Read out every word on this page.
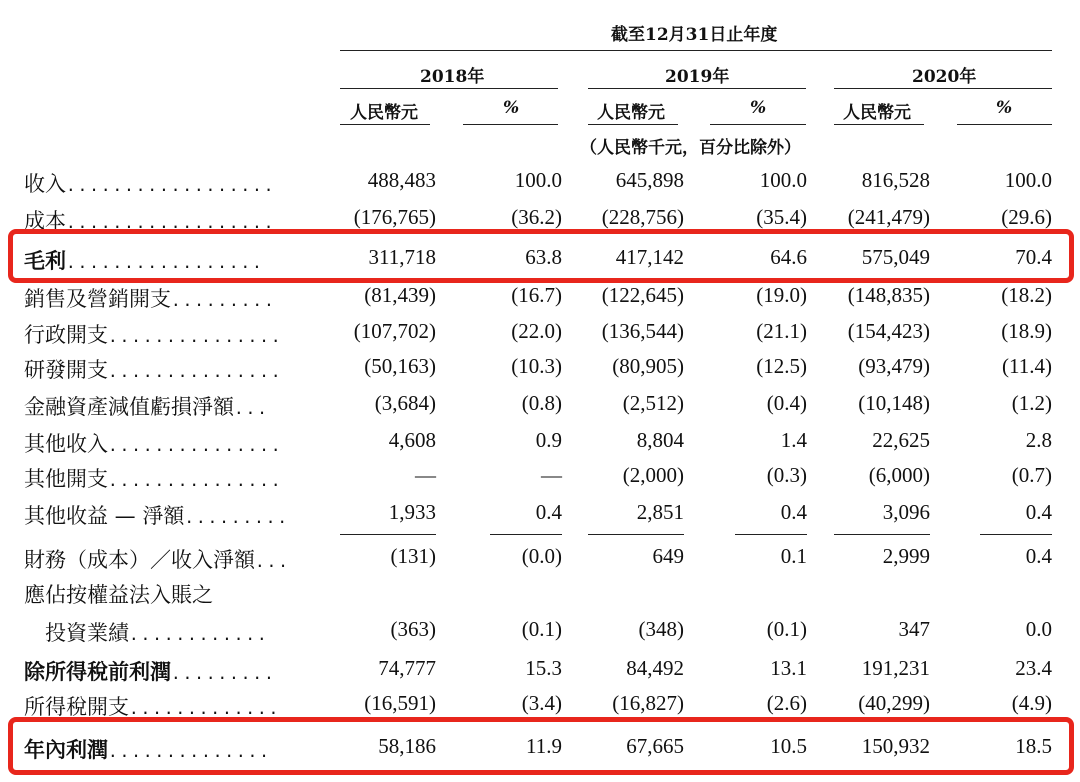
截至12月31日止年度
2018年	2019年	2020年
人民幣元	%	人民幣元	%	人民幣元	%
（人民幣千元，百分比除外）
收入..................	488,483	100.0	645,898	100.0	816,528	100.0
成本..................	(176,765)	(36.2) (228,756)	(35.4) (241,479)	(29.6)
毛利.................	311,718	63.8	417,142	64.6	575,049	70.4
銷售及營銷開支.........	(81,439)	(16.7) (122,645)	(19.0) (148,835)	(18.2)
行政開支...............	(107,702)	(22.0) (136,544)	(21.1) (154,423)	(18.9)
研發開支...............	(50,163)	(10.3) (80,905)	(12.5) (93,479)	(11.4)
金融資產減值虧損淨額...	(3,684)	(0.8)	(2,512)	(0.4) (10,148)	(1.2)
其他收入...............	4,608	0.9	8,804	1.4	22,625	2.8
其他開支...............	—	—	(2,000)	(0.3)	(6,000)	(0.7)
其他收益 — 淨額.........	1,933	0.4	2,851	0.4	3,096	0.4
財務（成本）／收入淨額...	(131)	(0.0)	649	0.1	2,999	0.4
應佔按權益法入賬之
　投資業績............	(363)	(0.1)	(348)	(0.1)	347	0.0
除所得稅前利潤.........	74,777	15.3	84,492	13.1	191,231	23.4
所得稅開支.............	(16,591)	(3.4) (16,827)	(2.6) (40,299)	(4.9)
年內利潤..............	58,186	11.9	67,665	10.5	150,932	18.5
